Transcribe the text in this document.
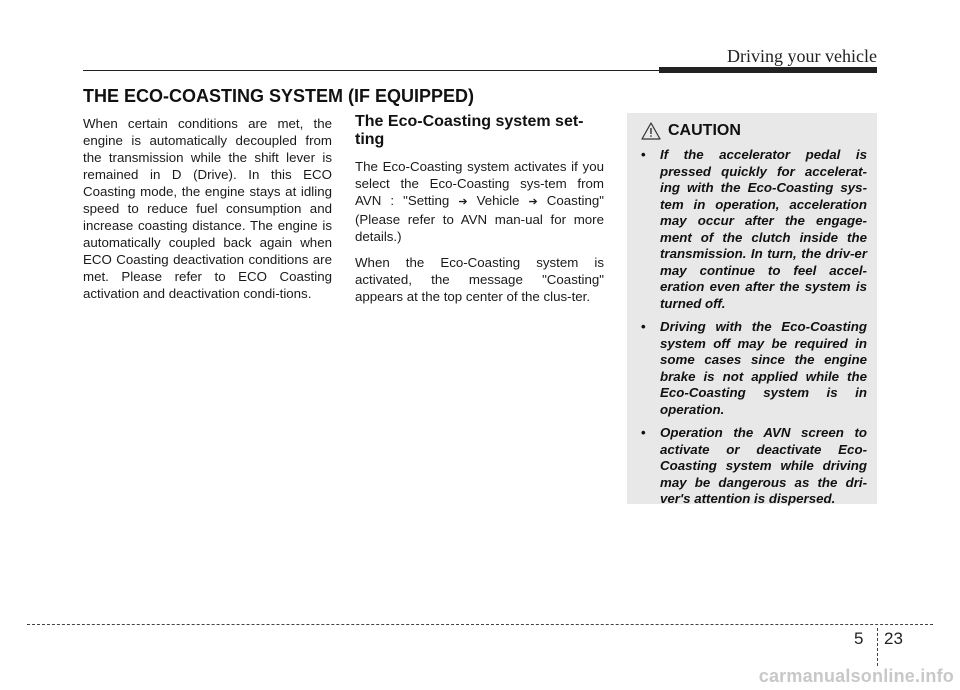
Driving your vehicle
THE ECO-COASTING SYSTEM (IF EQUIPPED)

When certain conditions are met, the engine is automatically decoupled from the transmission while the shift lever is remained in D (Drive). In this ECO Coasting mode, the engine stays at idling speed to reduce fuel consumption and increase coasting distance. The engine is automatically coupled back again when ECO Coasting deactivation conditions are met. Please refer to ECO Coasting activation and deactivation condi-tions.

The Eco-Coasting system set-ting

The Eco-Coasting system activates if you select the Eco-Coasting sys-tem from AVN : "Setting ➔ Vehicle ➔ Coasting" (Please refer to AVN man-ual for more details.)

When the Eco-Coasting system is activated, the message "Coasting" appears at the top center of the clus-ter.

CAUTION
• If the accelerator pedal is pressed quickly for accelerat-ing with the Eco-Coasting sys-tem in operation, acceleration may occur after the engage-ment of the clutch inside the transmission. In turn, the driv-er may continue to feel accel-eration even after the system is turned off.
• Driving with the Eco-Coasting system off may be required in some cases since the engine brake is not applied while the Eco-Coasting system is in operation.
• Operation the AVN screen to activate or deactivate Eco-Coasting system while driving may be dangerous as the dri-ver's attention is dispersed.
5 23
carmanualsonline.info
